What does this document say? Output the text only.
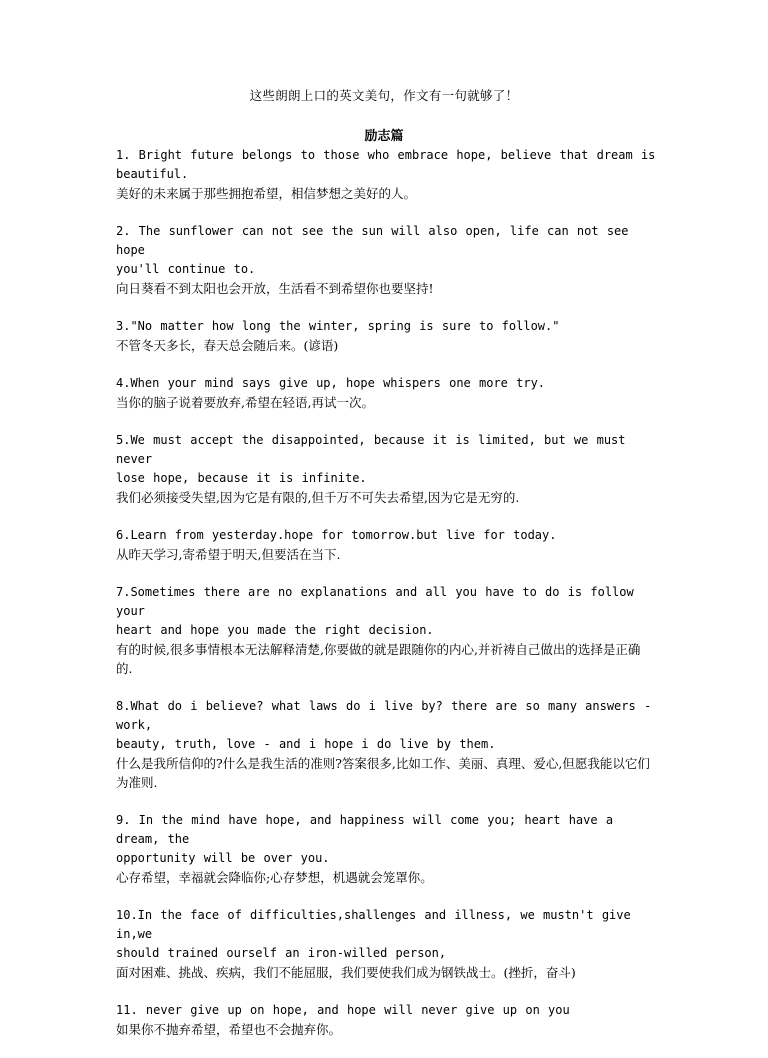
这些朗朗上口的英文美句，作文有一句就够了！
励志篇
1. Bright future belongs to those who embrace hope, believe that dream is
beautiful.
美好的未来属于那些拥抱希望，相信梦想之美好的人。
2. The sunflower can not see the sun will also open, life can not see hope
you'll continue to.
向日葵看不到太阳也会开放，生活看不到希望你也要坚持!
3."No matter how long the winter, spring is sure to follow."
不管冬天多长，春天总会随后来。(谚语)
4.When your mind says give up, hope whispers one more try.
当你的脑子说着要放弃,希望在轻语,再试一次。
5.We must accept the disappointed, because it is limited, but we must never
lose hope, because it is infinite.
我们必须接受失望,因为它是有限的,但千万不可失去希望,因为它是无穷的.
6.Learn from yesterday.hope for tomorrow.but live for today.
从昨天学习,寄希望于明天,但要活在当下.
7.Sometimes there are no explanations and all you have to do is follow your
heart and hope you made the right decision.
有的时候,很多事情根本无法解释清楚,你要做的就是跟随你的内心,并祈祷自己做出的选择是正确的.
8.What do i believe? what laws do i live by? there are so many answers - work,
beauty, truth, love - and i hope i do live by them.
什么是我所信仰的?什么是我生活的准则?答案很多,比如工作、美丽、真理、爱心,但愿我能以它们为准则.
9. In the mind have hope, and happiness will come you; heart have a dream, the
opportunity will be over you.
心存希望，幸福就会降临你;心存梦想，机遇就会笼罩你。
10.In the face of difficulties,shallenges and illness, we mustn't give in,we
should trained ourself an iron-willed person,
面对困难、挑战、疾病，我们不能屈服，我们要使我们成为钢铁战士。(挫折，奋斗)
11. never give up on hope, and hope will never give up on you
如果你不抛弃希望，希望也不会抛弃你。
